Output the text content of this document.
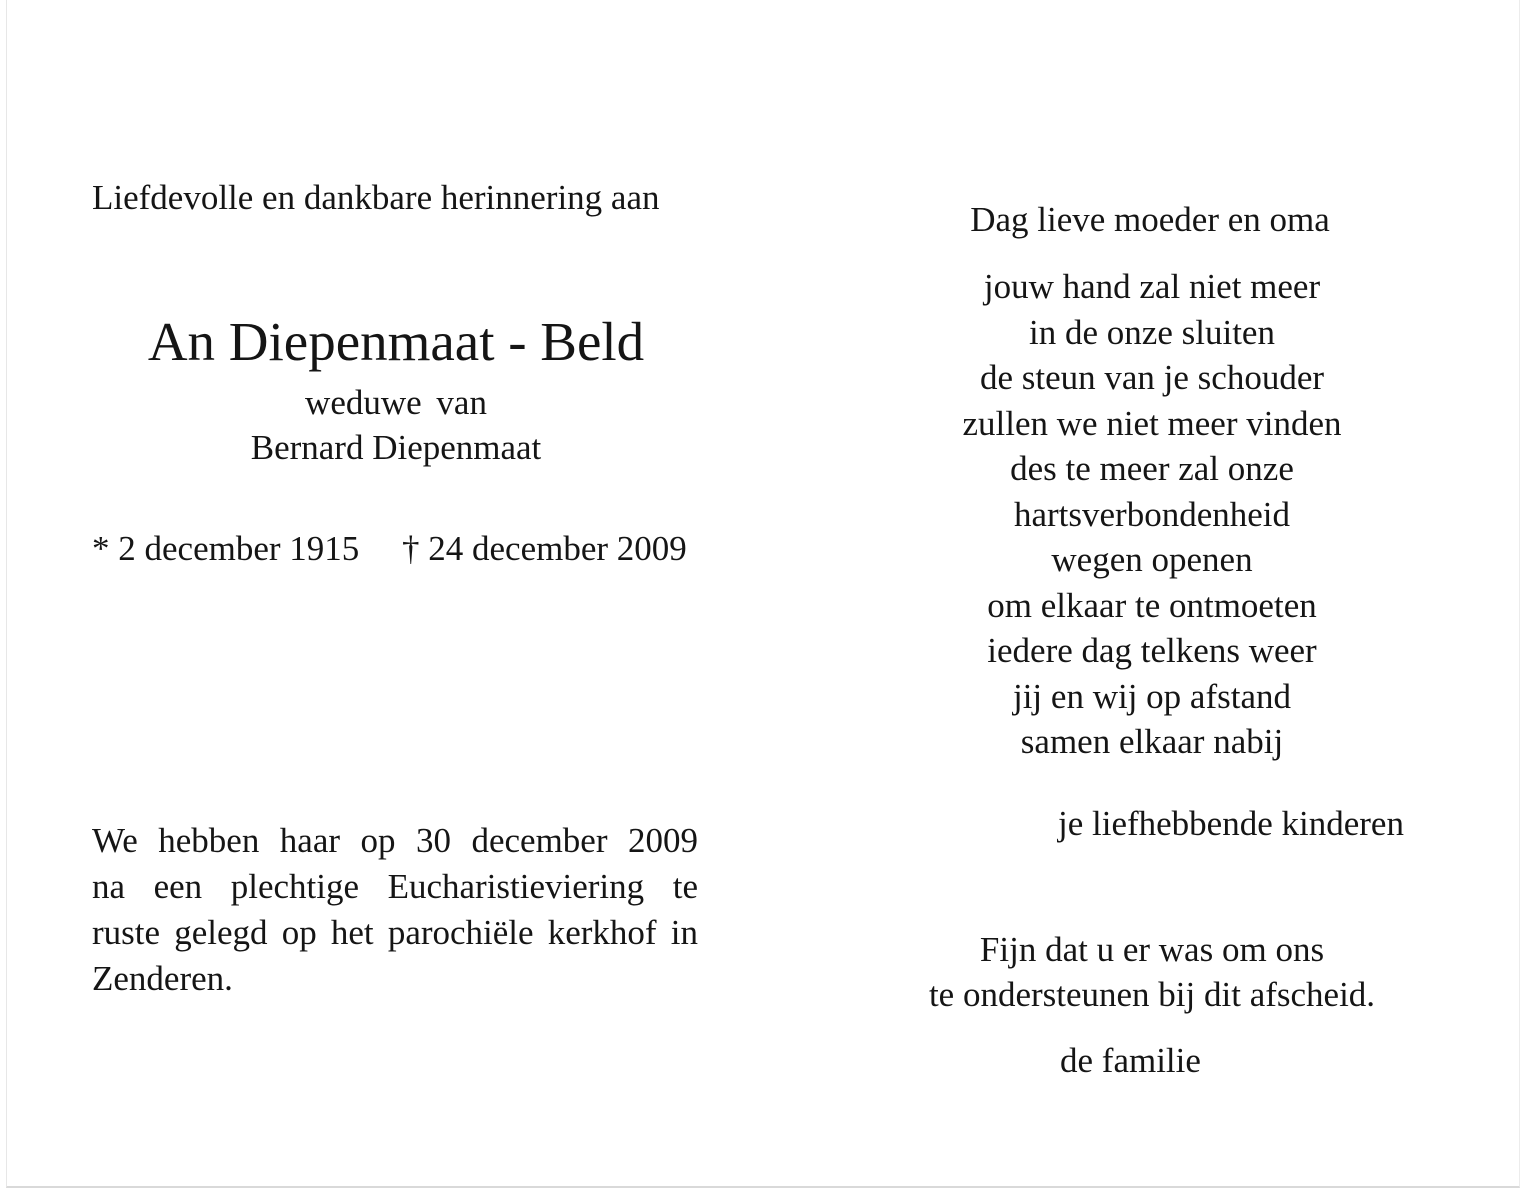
Liefdevolle en dankbare herinnering aan

An Diepenmaat - Beld

weduwe van

Bernard Diepenmaat

* 2 december 1915 † 24 december 2009

We hebben haar op 30 december 2009
na een plechtige Eucharistieviering te
ruste gelegd op het parochiële kerkhof in
Zenderen.

Dag lieve moeder en oma

jouw hand zal niet meer
in de onze sluiten
de steun van je schouder
zullen we niet meer vinden
des te meer zal onze
hartsverbondenheid
wegen openen
om elkaar te ontmoeten
iedere dag telkens weer
jij en wij op afstand
samen elkaar nabij

je liefhebbende kinderen

Fijn dat u er was om ons

te ondersteunen bij dit afscheid.

de familie
